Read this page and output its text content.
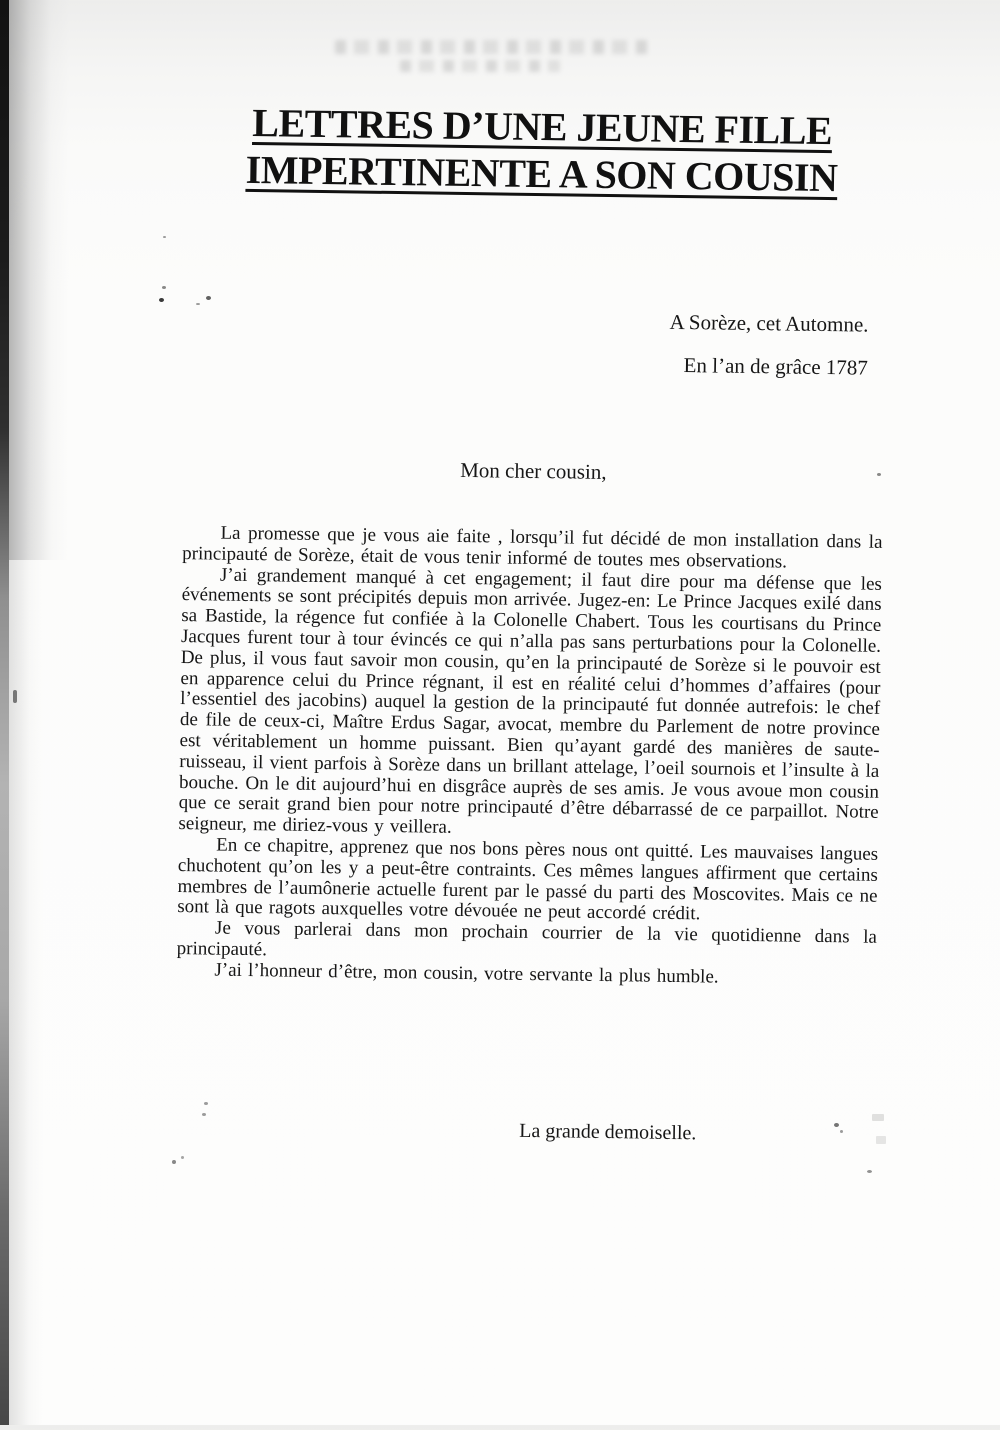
LETTRES D’UNE JEUNE FILLE
IMPERTINENTE A SON COUSIN
A Sorèze, cet Automne.
En l’an de grâce 1787
Mon cher cousin,

La promesse que je vous aie faite , lorsqu’il fut décidé de mon installation dans la principauté de Sorèze, était de vous tenir informé de toutes mes observations.

J’ai grandement manqué à cet engagement; il faut dire pour ma défense que les événements se sont précipités depuis mon arrivée. Jugez-en: Le Prince Jacques exilé dans sa Bastide, la régence fut confiée à la Colonelle Chabert. Tous les courtisans du Prince Jacques furent tour à tour évincés ce qui n’alla pas sans perturbations pour la Colonelle. De plus, il vous faut savoir mon cousin, qu’en la principauté de Sorèze si le pouvoir est en apparence celui du Prince régnant, il est en réalité celui d’hommes d’affaires (pour l’essentiel des jacobins) auquel la gestion de la principauté fut donnée autrefois: le chef de file de ceux-ci, Maître Erdus Sagar, avocat, membre du Parlement de notre province est véritablement un homme puissant. Bien qu’ayant gardé des manières de saute-ruisseau, il vient parfois à Sorèze dans un brillant attelage, l’oeil sournois et l’insulte à la bouche. On le dit aujourd’hui en disgrâce auprès de ses amis. Je vous avoue mon cousin que ce serait grand bien pour notre principauté d’être débarrassé de ce parpaillot. Notre seigneur, me diriez-vous y veillera.

En ce chapitre, apprenez que nos bons pères nous ont quitté. Les mauvaises langues chuchotent qu’on les y a peut-être contraints. Ces mêmes langues affirment que certains membres de l’aumônerie actuelle furent par le passé du parti des Moscovites. Mais ce ne sont là que ragots auxquelles votre dévouée ne peut accordé crédit.

Je vous parlerai dans mon prochain courrier de la vie quotidienne dans la principauté.

J’ai l’honneur d’être, mon cousin, votre servante la plus humble.

La grande demoiselle.
